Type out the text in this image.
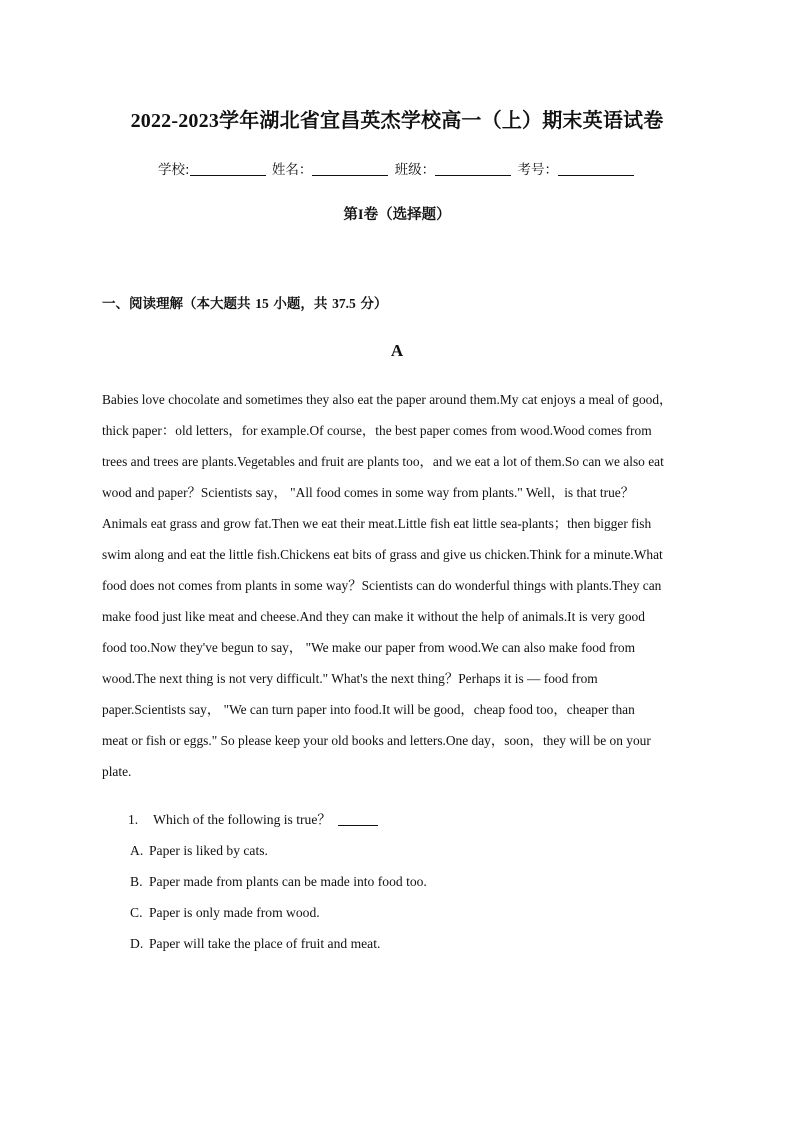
2022-2023学年湖北省宜昌英杰学校高一（上）期末英语试卷
学校:	姓名：	班级：	考号：
第I卷（选择题）
一、阅读理解（本大题共 15 小题，共 37.5 分）
A
Babies love chocolate and sometimes they also eat the paper around them.My cat enjoys a meal of good，
thick paper：old letters，for example.Of course，the best paper comes from wood.Wood comes from
trees and trees are plants.Vegetables and fruit are plants too，and we eat a lot of them.So can we also eat
wood and paper？Scientists say， "All food comes in some way from plants." Well，is that true？
Animals eat grass and grow fat.Then we eat their meat.Little fish eat little sea-plants；then bigger fish
swim along and eat the little fish.Chickens eat bits of grass and give us chicken.Think for a minute.What
food does not comes from plants in some way？Scientists can do wonderful things with plants.They can
make food just like meat and cheese.And they can make it without the help of animals.It is very good
food too.Now they've begun to say， "We make our paper from wood.We can also make food from
wood.The next thing is not very difficult." What's the next thing？Perhaps it is — food from
paper.Scientists say， "We can turn paper into food.It will be good，cheap food too，cheaper than
meat or fish or eggs." So please keep your old books and letters.One day，soon，they will be on your
plate.
1. Which of the following is true？
A. Paper is liked by cats.
B. Paper made from plants can be made into food too.
C. Paper is only made from wood.
D. Paper will take the place of fruit and meat.
